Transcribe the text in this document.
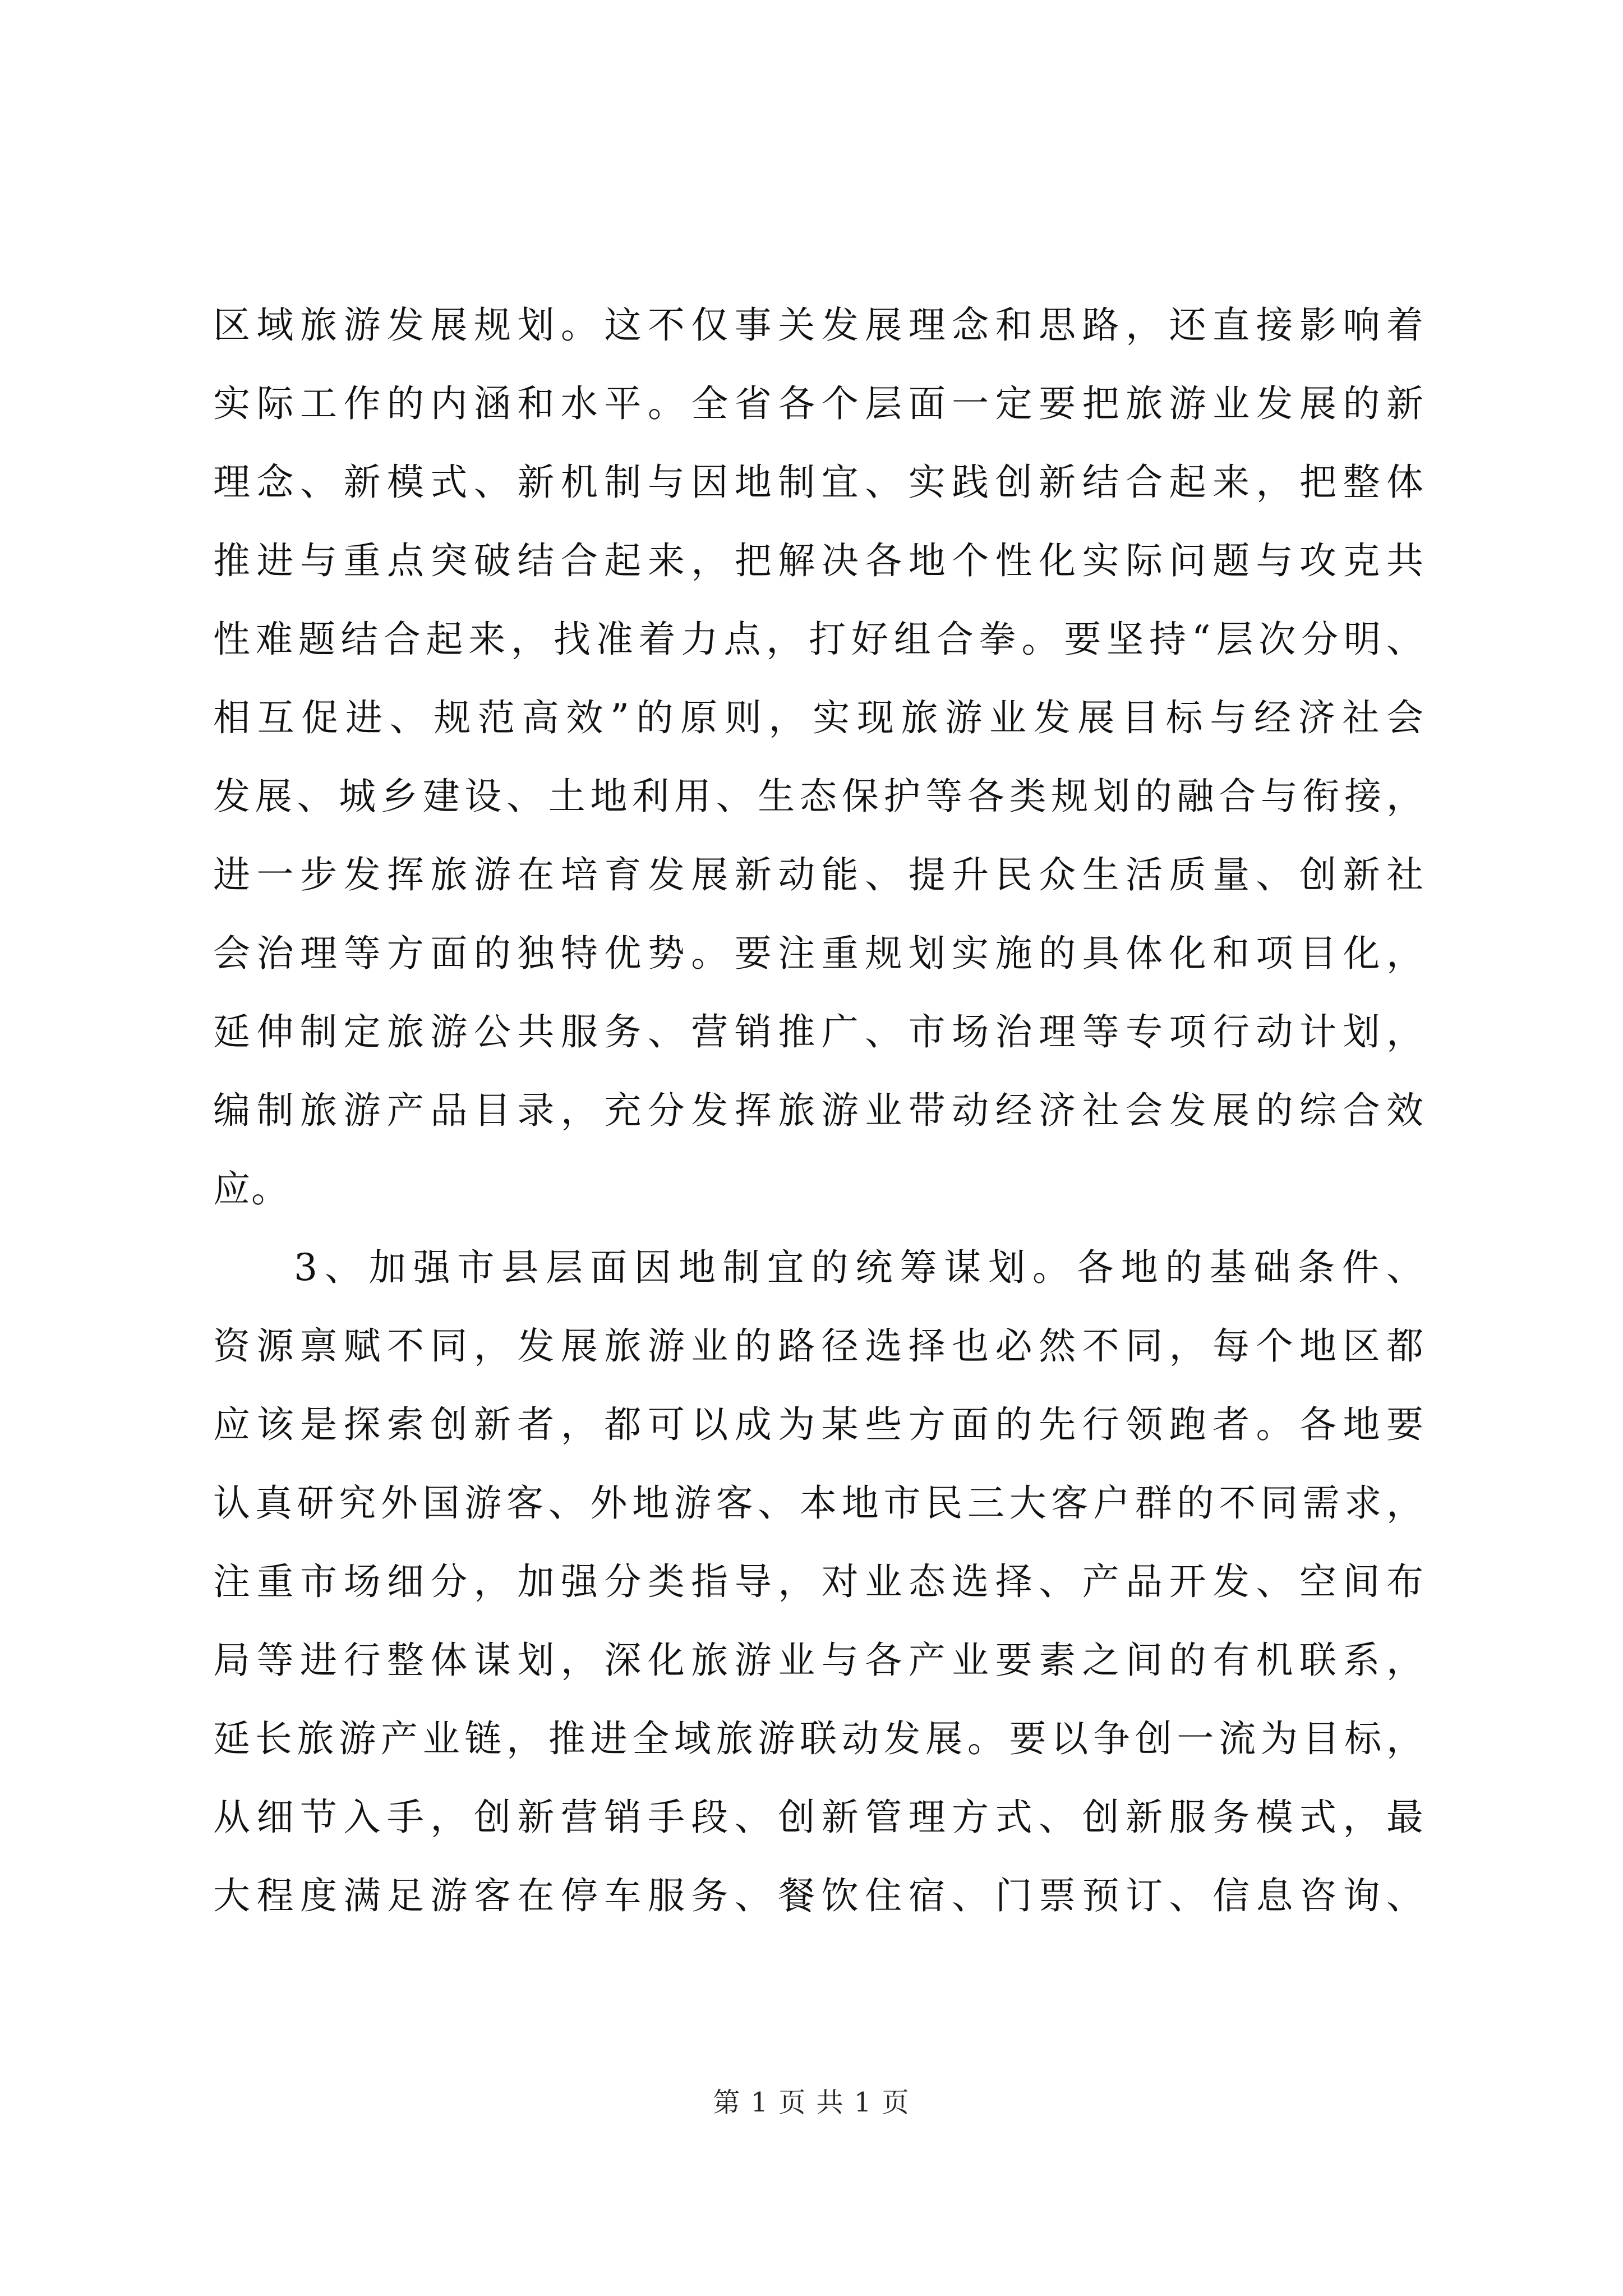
区域旅游发展规划。这不仅事关发展理念和思路，还直接影响着
实际工作的内涵和水平。全省各个层面一定要把旅游业发展的新
理念、新模式、新机制与因地制宜、实践创新结合起来，把整体
推进与重点突破结合起来，把解决各地个性化实际问题与攻克共
性难题结合起来，找准着力点，打好组合拳。要坚持“层次分明、
相互促进、规范高效”的原则，实现旅游业发展目标与经济社会
发展、城乡建设、土地利用、生态保护等各类规划的融合与衔接，
进一步发挥旅游在培育发展新动能、提升民众生活质量、创新社
会治理等方面的独特优势。要注重规划实施的具体化和项目化，
延伸制定旅游公共服务、营销推广、市场治理等专项行动计划，
编制旅游产品目录，充分发挥旅游业带动经济社会发展的综合效
应。
3、加强市县层面因地制宜的统筹谋划。各地的基础条件、
资源禀赋不同，发展旅游业的路径选择也必然不同，每个地区都
应该是探索创新者，都可以成为某些方面的先行领跑者。各地要
认真研究外国游客、外地游客、本地市民三大客户群的不同需求，
注重市场细分，加强分类指导，对业态选择、产品开发、空间布
局等进行整体谋划，深化旅游业与各产业要素之间的有机联系，
延长旅游产业链，推进全域旅游联动发展。要以争创一流为目标，
从细节入手，创新营销手段、创新管理方式、创新服务模式，最
大程度满足游客在停车服务、餐饮住宿、门票预订、信息咨询、
第 1 页 共 1 页
